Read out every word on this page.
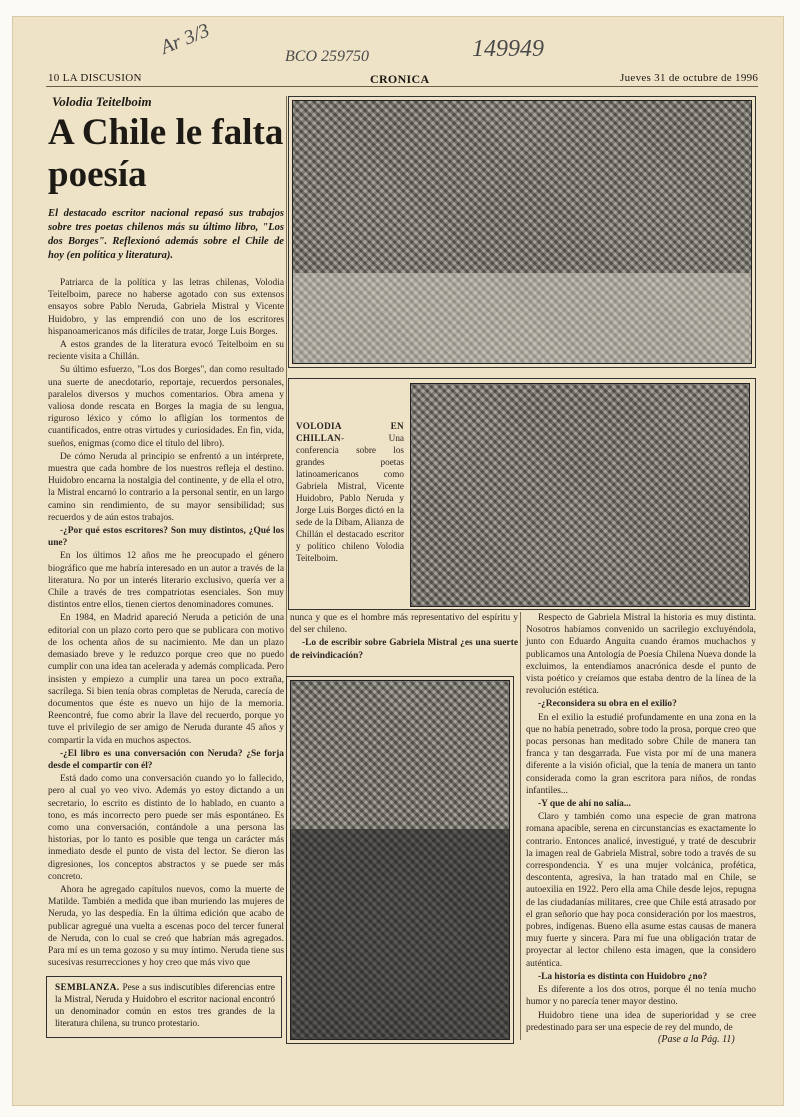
Ar 3/3	BCO 259750	149949
10 LA DISCUSION	CRONICA	Jueves 31 de octubre de 1996
Volodia Teitelboim
A Chile le falta poesía
El destacado escritor nacional repasó sus trabajos sobre tres poetas chilenos más su último libro, "Los dos Borges". Reflexionó además sobre el Chile de hoy (en política y literatura).

Patriarca de la política y las letras chilenas, Volodia Teitelboim, parece no haberse agotado con sus extensos ensayos sobre Pablo Neruda, Gabriela Mistral y Vicente Huidobro, y las emprendió con uno de los escritores hispanoamericanos más difíciles de tratar, Jorge Luis Borges.

A estos grandes de la literatura evocó Teitelboim en su reciente visita a Chillán.

Su último esfuerzo, "Los dos Borges", dan como resultado una suerte de anecdotario, reportaje, recuerdos personales, paralelos diversos y muchos comentarios. Obra amena y valiosa donde rescata en Borges la magia de su lengua, riguroso léxico y cómo lo afligían los tormentos de cuantificados, entre otras virtudes y curiosidades. En fin, vida, sueños, enigmas (como dice el título del libro).

De cómo Neruda al principio se enfrentó a un intérprete, muestra que cada hombre de los nuestros refleja el destino. Huidobro encarna la nostalgia del continente, y de ella el otro, la Mistral encarnó lo contrario a la personal sentir, en un largo camino sin rendimiento, de su mayor sensibilidad; sus recuerdos y de aún estos trabajos.

-¿Por qué estos escritores? Son muy distintos, ¿Qué los une?

En los últimos 12 años me he preocupado el género biográfico que me habría interesado en un autor a través de la literatura. No por un interés literario exclusivo, quería ver a Chile a través de tres compatriotas esenciales. Son muy distintos entre ellos, tienen ciertos denominadores comunes.

En 1984, en Madrid apareció Neruda a petición de una editorial con un plazo corto pero que se publicara con motivo de los ochenta años de su nacimiento. Me dan un plazo demasiado breve y le reduzco porque creo que no puedo cumplir con una idea tan acelerada y además complicada. Pero insisten y empiezo a cumplir una tarea un poco extraña, sacrílega. Si bien tenía obras completas de Neruda, carecía de documentos que éste es nuevo un hijo de la memoria. Reencontré, fue como abrir la llave del recuerdo, porque yo tuve el privilegio de ser amigo de Neruda durante 45 años y compartir la vida en muchos aspectos.

-¿El libro es una conversación con Neruda? ¿Se forja desde el compartir con él?

Está dado como una conversación cuando yo lo fallecido, pero al cual yo veo vivo. Además yo estoy dictando a un secretario, lo escrito es distinto de lo hablado, en cuanto a tono, es más incorrecto pero puede ser más espontáneo. Es como una conversación, contándole a una persona las historias, por lo tanto es posible que tenga un carácter más inmediato desde el punto de vista del lector. Se dieron las digresiones, los conceptos abstractos y se puede ser más concreto.

Ahora he agregado capítulos nuevos, como la muerte de Matilde. También a medida que iban muriendo las mujeres de Neruda, yo las despedía. En la última edición que acabo de publicar agregué una vuelta a escenas poco del tercer funeral de Neruda, con lo cual se creó que habrían más agregados. Para mí es un tema gozoso y su muy íntimo. Neruda tiene sus sucesivas resurrecciones y hoy creo que más vivo que

VOLODIA EN CHILLAN- Una conferencia sobre los grandes poetas latinoamericanos como Gabriela Mistral, Vicente Huidobro, Pablo Neruda y Jorge Luis Borges dictó en la sede de la Dibam, Alianza de Chillán el destacado escritor y político chileno Volodia Teitelboim.

nunca y que es el hombre más representativo del espíritu y del ser chileno.

-Lo de escribir sobre Gabriela Mistral ¿es una suerte de reivindicación?

Respecto de Gabriela Mistral la historia es muy distinta. Nosotros habíamos convenido un sacrilegio excluyéndola, junto con Eduardo Anguita cuando éramos muchachos y publicamos una Antología de Poesía Chilena Nueva donde la excluimos, la entendíamos anacrónica desde el punto de vista poético y creíamos que estaba dentro de la línea de la revolución estética.

-¿Reconsidera su obra en el exilio?

En el exilio la estudié profundamente en una zona en la que no había penetrado, sobre todo la prosa, porque creo que pocas personas han meditado sobre Chile de manera tan franca y tan desgarrada. Fue vista por mí de una manera diferente a la visión oficial, que la tenía de manera un tanto considerada como la gran escritora para niños, de rondas infantiles...

-Y que de ahí no salía...

Claro y también como una especie de gran matrona romana apacible, serena en circunstancias es exactamente lo contrario. Entonces analicé, investigué, y traté de descubrir la imagen real de Gabriela Mistral, sobre todo a través de su correspondencia. Y es una mujer volcánica, profética, descontenta, agresiva, la han tratado mal en Chile, se autoexilia en 1922. Pero ella ama Chile desde lejos, repugna de las ciudadanías militares, cree que Chile está atrasado por el gran señorío que hay poca consideración por los maestros, pobres, indígenas. Bueno ella asume estas causas de manera muy fuerte y sincera. Para mí fue una obligación tratar de proyectar al lector chileno esta imagen, que la considero auténtica.

-La historia es distinta con Huidobro ¿no?

Es diferente a los dos otros, porque él no tenía mucho humor y no parecía tener mayor destino.

Huidobro tiene una idea de superioridad y se cree predestinado para ser una especie de rey del mundo, de

SEMBLANZA. Pese a sus indiscutibles diferencias entre la Mistral, Neruda y Huidobro el escritor nacional encontró un denominador común en estos tres grandes de la literatura chilena, su trunco protestario.
(Pase a la Pág. 11)
